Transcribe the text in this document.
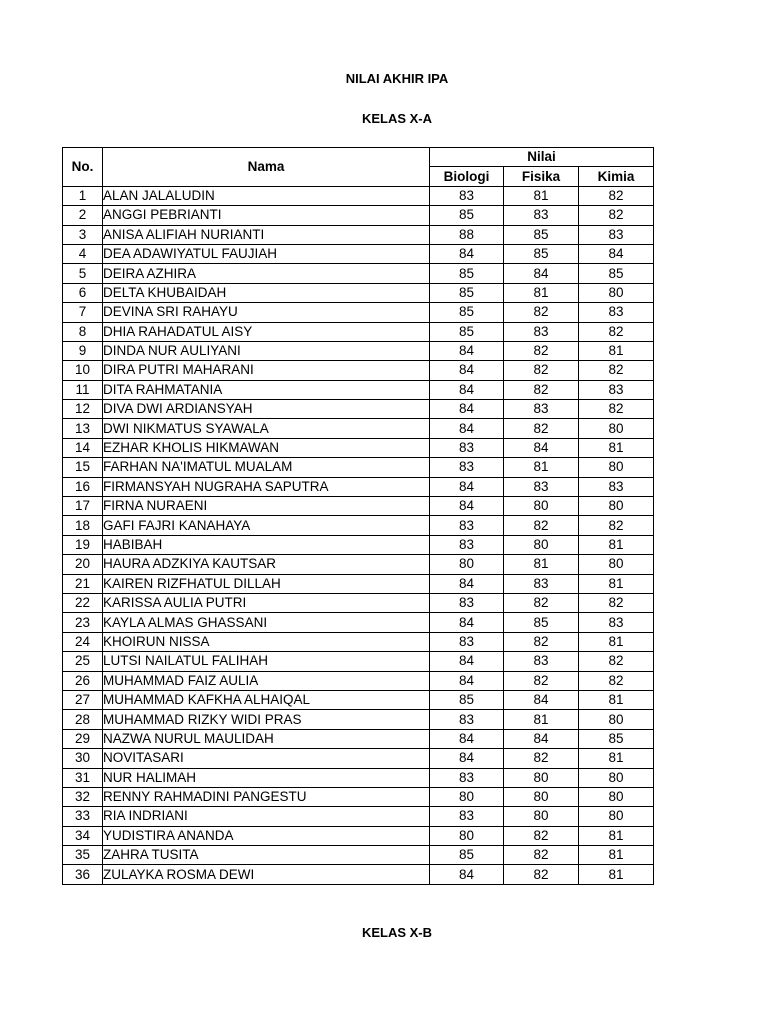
NILAI AKHIR IPA
KELAS X-A
No.	Nama	Nilai		
		Biologi	Fisika	Kimia
1	ALAN JALALUDIN	83	81	82
2	ANGGI PEBRIANTI	85	83	82
3	ANISA ALIFIAH NURIANTI	88	85	83
4	DEA ADAWIYATUL FAUJIAH	84	85	84
5	DEIRA AZHIRA	85	84	85
6	DELTA KHUBAIDAH	85	81	80
7	DEVINA SRI RAHAYU	85	82	83
8	DHIA RAHADATUL AISY	85	83	82
9	DINDA NUR AULIYANI	84	82	81
10	DIRA PUTRI MAHARANI	84	82	82
11	DITA RAHMATANIA	84	82	83
12	DIVA DWI ARDIANSYAH	84	83	82
13	DWI NIKMATUS SYAWALA	84	82	80
14	EZHAR KHOLIS HIKMAWAN	83	84	81
15	FARHAN NA'IMATUL MUALAM	83	81	80
16	FIRMANSYAH NUGRAHA SAPUTRA	84	83	83
17	FIRNA NURAENI	84	80	80
18	GAFI FAJRI KANAHAYA	83	82	82
19	HABIBAH	83	80	81
20	HAURA ADZKIYA KAUTSAR	80	81	80
21	KAIREN RIZFHATUL DILLAH	84	83	81
22	KARISSA AULIA PUTRI	83	82	82
23	KAYLA ALMAS GHASSANI	84	85	83
24	KHOIRUN NISSA	83	82	81
25	LUTSI NAILATUL FALIHAH	84	83	82
26	MUHAMMAD FAIZ AULIA	84	82	82
27	MUHAMMAD KAFKHA ALHAIQAL	85	84	81
28	MUHAMMAD RIZKY WIDI PRAS	83	81	80
29	NAZWA NURUL MAULIDAH	84	84	85
30	NOVITASARI	84	82	81
31	NUR HALIMAH	83	80	80
32	RENNY RAHMADINI PANGESTU	80	80	80
33	RIA INDRIANI	83	80	80
34	YUDISTIRA ANANDA	80	82	81
35	ZAHRA TUSITA	85	82	81
36	ZULAYKA ROSMA DEWI	84	82	81
KELAS X-B
